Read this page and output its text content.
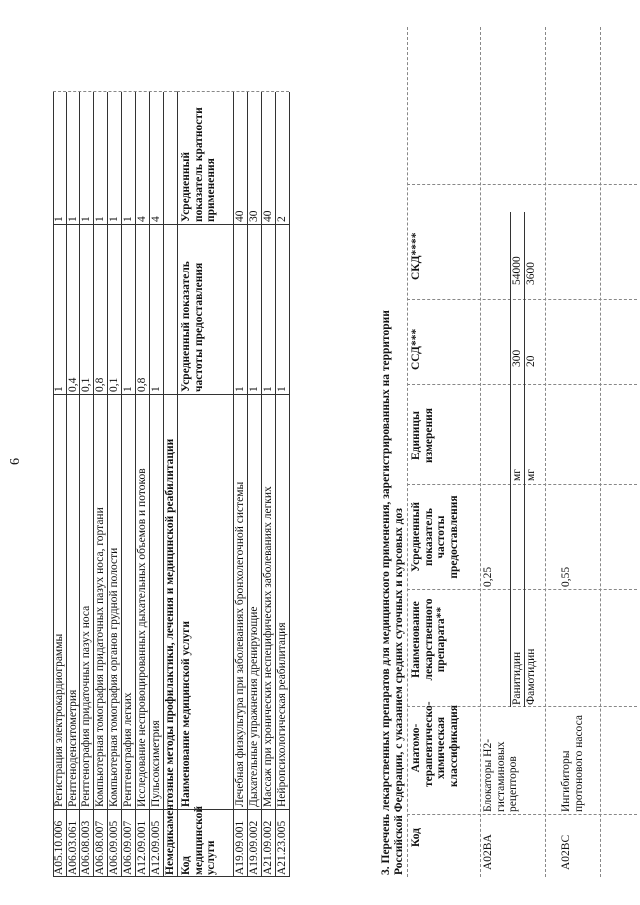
6
A05.10.006
Регистрация электрокардиограммы
1
1
A06.03.061
Рентгеноденситометрия
0,4
1
A06.08.003
Рентгенография придаточных пазух носа
0,1
1
A06.08.007
Компьютерная томография придаточных пазух носа, гортани
0,8
1
A06.09.005
Компьютерная томография органов грудной полости
0,1
1
A06.09.007
Рентгенография легких
1
1
A12.09.001
Исследование неспровоцированных дыхательных объемов и потоков
0,8
4
A12.09.005
Пульсоксиметрия
1
4
Немедикаментозные методы профилактики, лечения и медицинской реабилитации Код медицинской услуги
Наименование медицинской услуги
Усредненный показатель частоты предоставления
Усредненный показатель кратности применения
A19.09.001
Лечебная физкультура при заболеваниях бронхолегочной системы
1
40
A19.09.002
Дыхательные упражнения дренирующие
1
30
A21.09.002
Массаж при хронических неспецифических заболеваниях легких
1
40
A21.23.005
Нейропсихологическая реабилитация
1
2
3. Перечень лекарственных препаратов для медицинского применения, зарегистрированных на территории Российской Федерации, с указанием средних суточных и курсовых доз Код
Анатомо-терапевтическо-химическая классификация
Наименование лекарственного препарата**
Усредненный показатель частоты предоставления
Единицы измерения
ССД***
СКД****
A02BA
Блокаторы H2-гистаминовых рецепторов
0,25
Ранитидин
мг
300
54000
Фамотидин
мг
20
3600
A02BC
Ингибиторы протонового насоса
0,55
